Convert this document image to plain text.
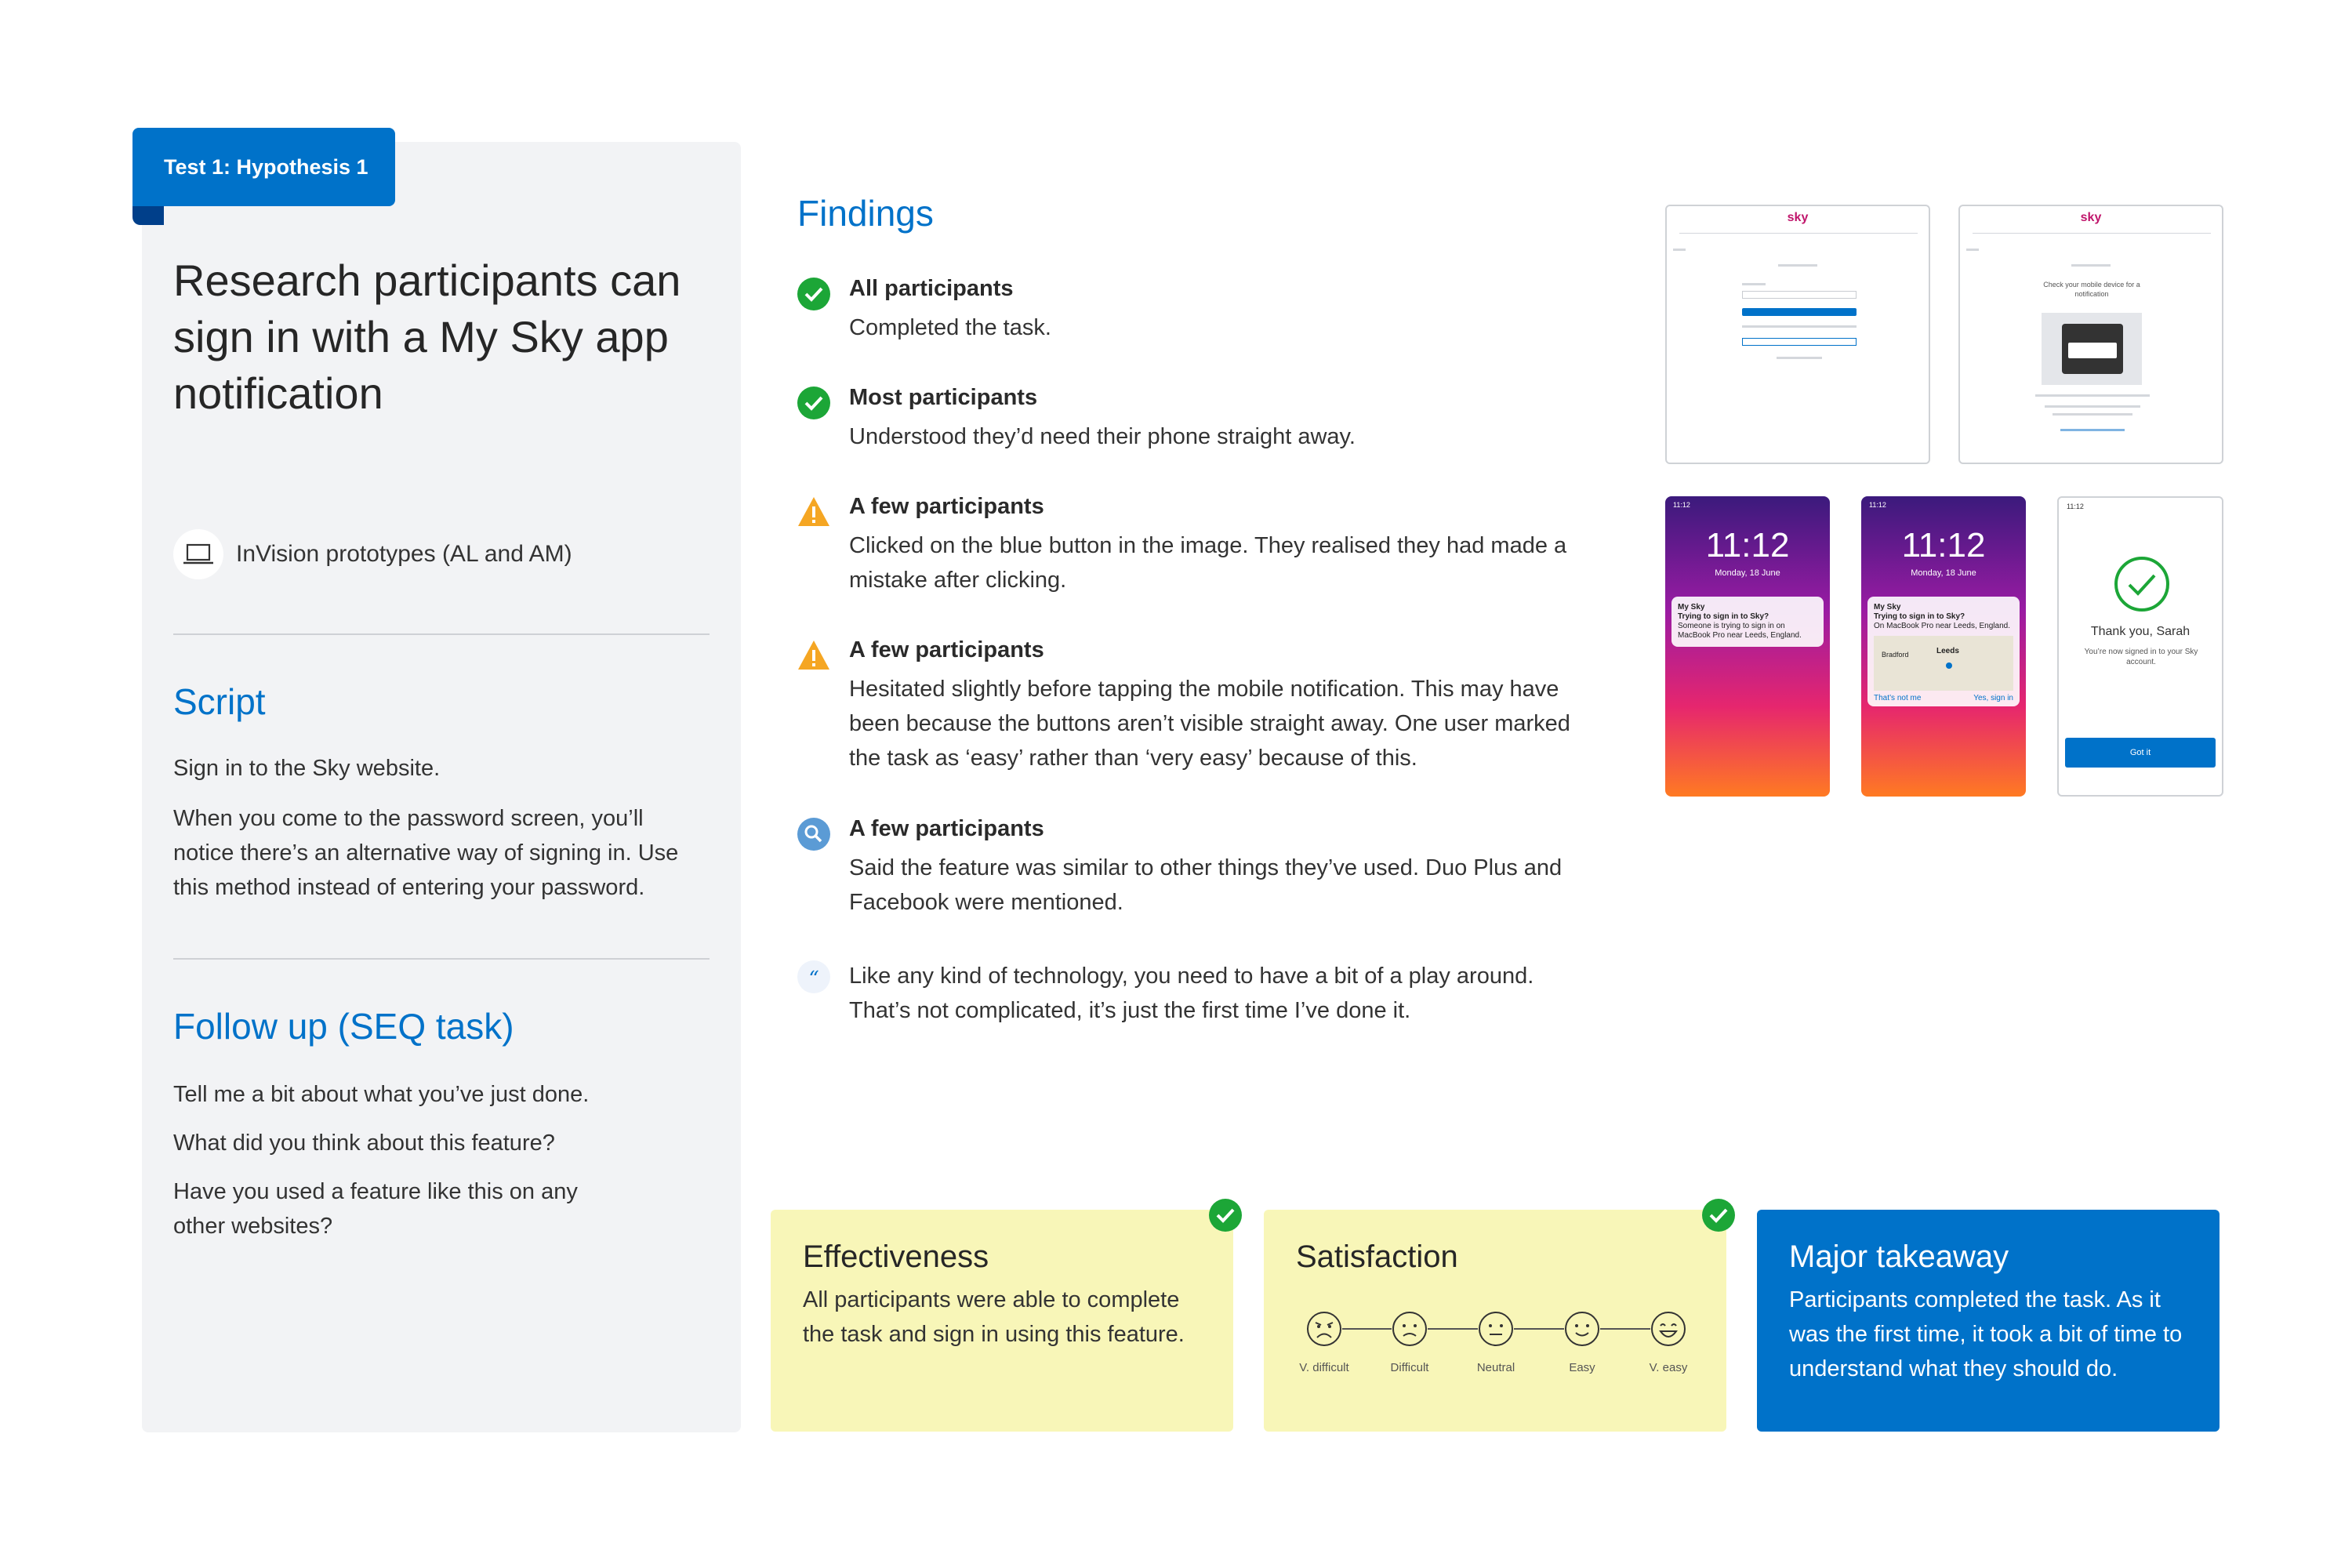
Test 1: Hypothesis 1
Research participants can sign in with a My Sky app notification
InVision prototypes (AL and AM)
Script
Sign in to the Sky website.
When you come to the password screen, you’ll notice there’s an alternative way of signing in. Use this method instead of entering your password.
Follow up (SEQ task)
Tell me a bit about what you’ve just done.
What did you think about this feature?
Have you used a feature like this on any other websites?
Findings
All participants
Completed the task.
Most participants
Understood they’d need their phone straight away.
A few participants
Clicked on the blue button in the image. They realised they had made a mistake after clicking.
A few participants
Hesitated slightly before tapping the mobile notification. This may have been because the buttons aren’t visible straight away. One user marked the task as ‘easy’ rather than ‘very easy’ because of this.
A few participants
Said the feature was similar to other things they’ve used. Duo Plus and Facebook were mentioned.
“ Like any kind of technology, you need to have a bit of a play around. That’s not complicated, it’s just the first time I’ve done it.
sky	sky
Check your mobile device for a notification
11:12
11:12
Monday, 18 June
My Sky
Trying to sign in to Sky?
Someone is trying to sign in on MacBook Pro near Leeds, England.
11:12
11:12
Monday, 18 June
My Sky
Trying to sign in to Sky?
On MacBook Pro near Leeds, England.
Bradford	Leeds
That’s not me	Yes, sign in
11:12
Thank you, Sarah
You’re now signed in to your Sky account.
Got it
Effectiveness
All participants were able to complete the task and sign in using this feature.
Satisfaction
V. difficult	Difficult	Neutral	Easy	V. easy
Major takeaway
Participants completed the task. As it was the first time, it took a bit of time to understand what they should do.
